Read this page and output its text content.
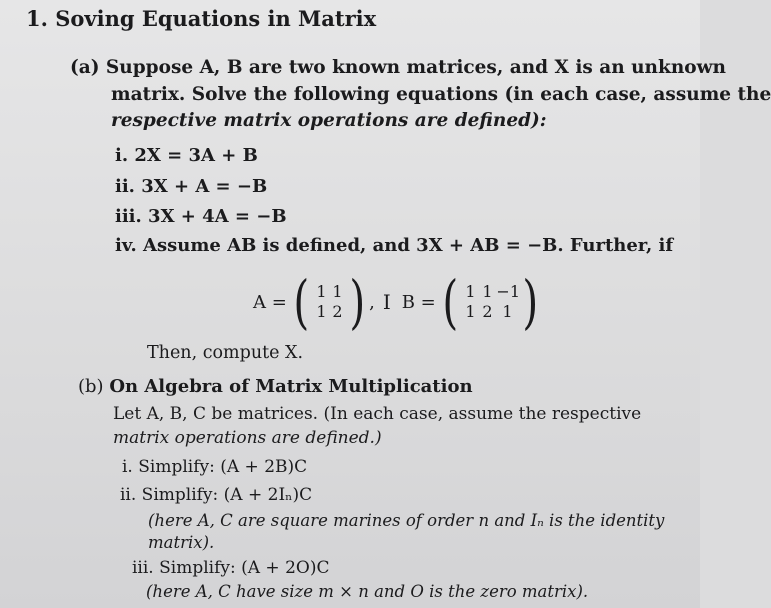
1. Soving Equations in Matrix
(a) Suppose A, B are two known matrices, and X is an unknown
matrix. Solve the following equations (in each case, assume the
respective matrix operations are defined):
i. 2X = 3A + B
ii. 3X + A = −B
iii. 3X + 4A = −B
iv. Assume AB is defined, and 3X + AB = −B. Further, if
A = ( 1 1
1 2 ) , I B = ( 1 1 −1
1 2 1 )
Then, compute X.
(b) On Algebra of Matrix Multiplication
Let A, B, C be matrices. (In each case, assume the respective
matrix operations are defined.)
i. Simplify: (A + 2B)C
ii. Simplify: (A + 2Iₙ)C
(here A, C are square marines of order n and Iₙ is the identity
matrix).
iii. Simplify: (A + 2O)C
(here A, C have size m × n and O is the zero matrix).
